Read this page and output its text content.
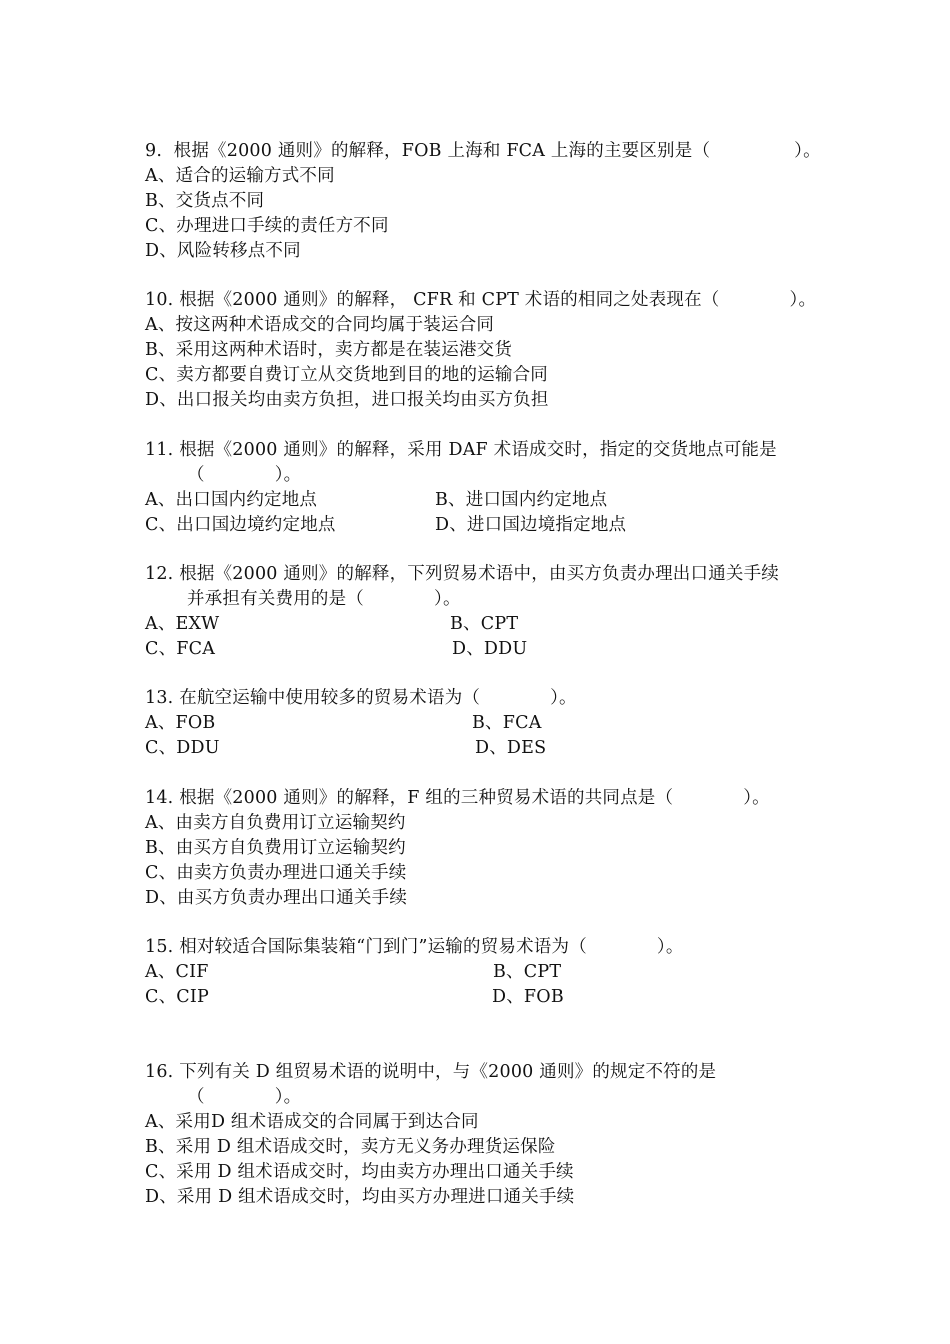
9. 根据《2000 通则》的解释，FOB 上海和 FCA 上海的主要区别是（	）。
A、适合的运输方式不同
B、交货点不同
C、办理进口手续的责任方不同
D、风险转移点不同
10. 根据《2000 通则》的解释， CFR 和 CPT 术语的相同之处表现在（	）。
A、按这两种术语成交的合同均属于装运合同
B、采用这两种术语时，卖方都是在装运港交货
C、卖方都要自费订立从交货地到目的地的运输合同
D、出口报关均由卖方负担，进口报关均由买方负担
11. 根据《2000 通则》的解释，采用 DAF 术语成交时，指定的交货地点可能是
（	）。
A、出口国内约定地点	B、进口国内约定地点
C、出口国边境约定地点	D、进口国边境指定地点
12. 根据《2000 通则》的解释，下列贸易术语中，由买方负责办理出口通关手续
并承担有关费用的是（	）。
A、EXW	B、CPT
C、FCA	D、DDU
13. 在航空运输中使用较多的贸易术语为（	）。
A、FOB	B、FCA
C、DDU	D、DES
14. 根据《2000 通则》的解释，F 组的三种贸易术语的共同点是（	）。
A、由卖方自负费用订立运输契约
B、由买方自负费用订立运输契约
C、由卖方负责办理进口通关手续
D、由买方负责办理出口通关手续
15. 相对较适合国际集装箱“门到门”运输的贸易术语为（	）。
A、CIF	B、CPT
C、CIP	D、FOB
16. 下列有关 D 组贸易术语的说明中，与《2000 通则》的规定不符的是
（	）。
A、采用D 组术语成交的合同属于到达合同
B、采用 D 组术语成交时，卖方无义务办理货运保险
C、采用 D 组术语成交时，均由卖方办理出口通关手续
D、采用 D 组术语成交时，均由买方办理进口通关手续
